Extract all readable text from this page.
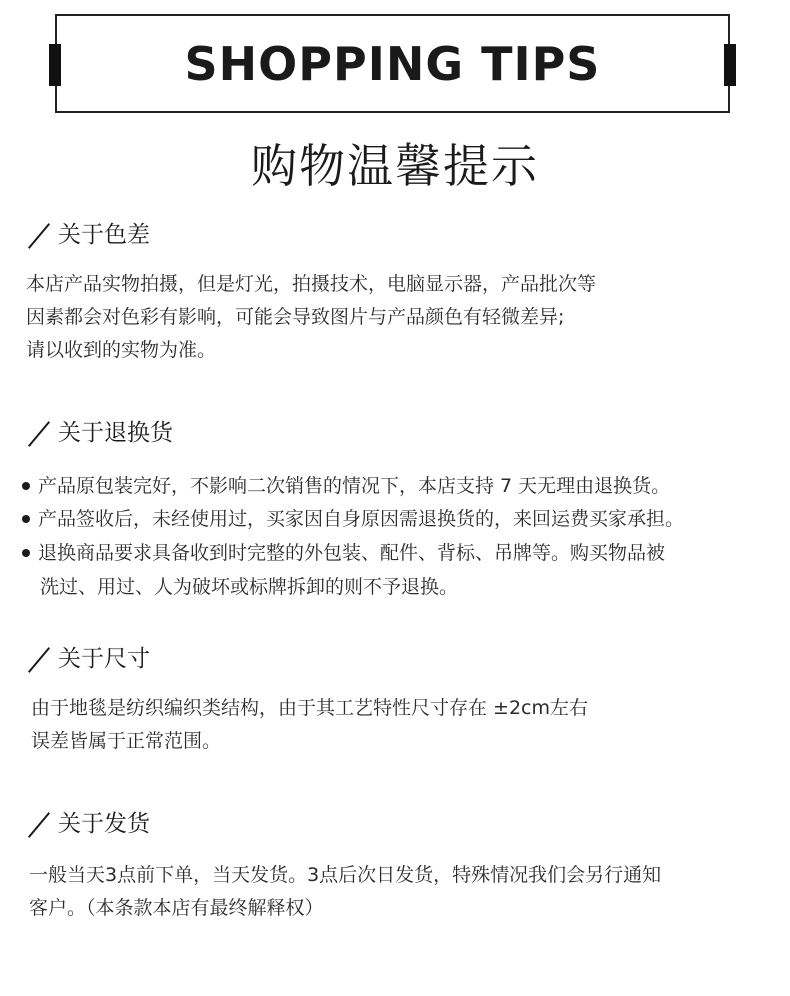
SHOPPING TIPS
购物温馨提示
关于色差
本店产品实物拍摄，但是灯光，拍摄技术，电脑显示器，产品批次等
因素都会对色彩有影响，可能会导致图片与产品颜色有轻微差异;
请以收到的实物为准。
关于退换货
产品原包装完好，不影响二次销售的情况下，本店支持 7 天无理由退换货。
产品签收后，未经使用过，买家因自身原因需退换货的，来回运费买家承担。
退换商品要求具备收到时完整的外包装、配件、背标、吊牌等。购买物品被
洗过、用过、人为破坏或标牌拆卸的则不予退换。
关于尺寸
由于地毯是纺织编织类结构，由于其工艺特性尺寸存在 ±2cm左右
误差皆属于正常范围。
关于发货
一般当天3点前下单，当天发货。3点后次日发货，特殊情况我们会另行通知
客户。（本条款本店有最终解释权）
